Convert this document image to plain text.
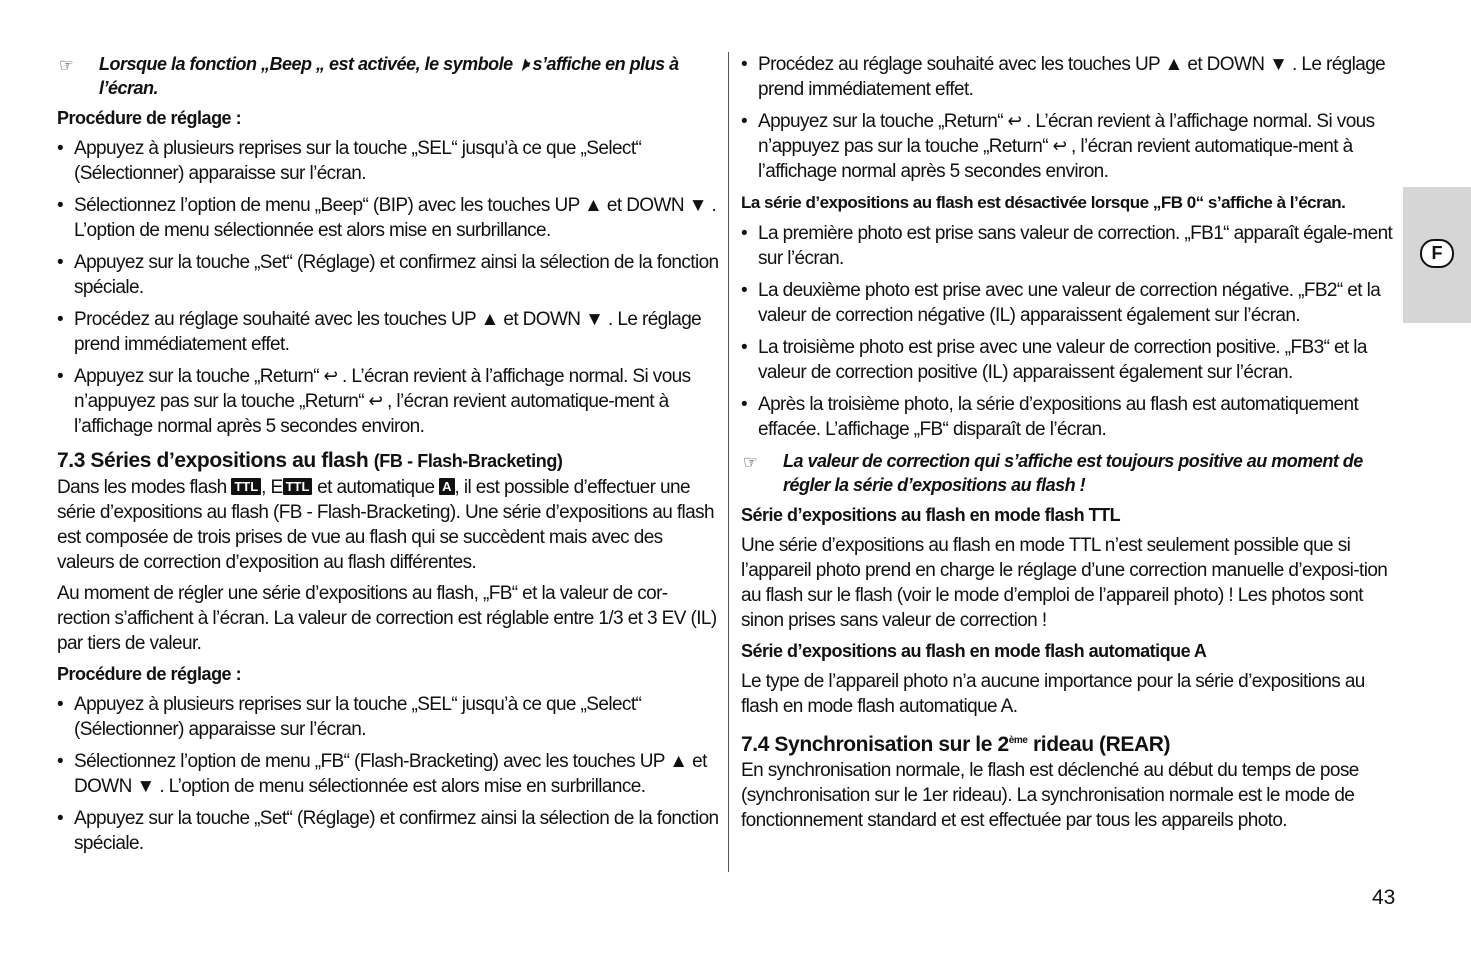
☞ Lorsque la fonction „Beep „ est activée, le symbole 🕨 s’affiche en plus à l’écran.
Procédure de réglage :
• Appuyez à plusieurs reprises sur la touche „SEL“ jusqu’à ce que „Select“ (Sélectionner) apparaisse sur l’écran.
• Sélectionnez l’option de menu „Beep“ (BIP) avec les touches UP ▲ et DOWN ▼ . L’option de menu sélectionnée est alors mise en surbrillance.
• Appuyez sur la touche „Set“ (Réglage) et confirmez ainsi la sélection de la fonction spéciale.
• Procédez au réglage souhaité avec les touches UP ▲ et DOWN ▼ . Le réglage prend immédiatement effet.
• Appuyez sur la touche „Return“ ↩ . L’écran revient à l’affichage normal. Si vous n’appuyez pas sur la touche „Return“ ↩ , l’écran revient automatique-ment à l’affichage normal après 5 secondes environ.
7.3 Séries d’expositions au flash (FB - Flash-Bracketing)

Dans les modes flash TTL , E TTL et automatique A , il est possible d’effectuer une série d’expositions au flash (FB - Flash-Bracketing). Une série d’expositions au flash est composée de trois prises de vue au flash qui se succèdent mais avec des valeurs de correction d’exposition au flash différentes.

Au moment de régler une série d’expositions au flash, „FB“ et la valeur de cor-rection s’affichent à l’écran. La valeur de correction est réglable entre 1/3 et 3 EV (IL) par tiers de valeur.

Procédure de réglage :
• Appuyez à plusieurs reprises sur la touche „SEL“ jusqu’à ce que „Select“ (Sélectionner) apparaisse sur l’écran.
• Sélectionnez l’option de menu „FB“ (Flash-Bracketing) avec les touches UP ▲ et DOWN ▼ . L’option de menu sélectionnée est alors mise en surbrillance.
• Appuyez sur la touche „Set“ (Réglage) et confirmez ainsi la sélection de la fonction spéciale.
• Procédez au réglage souhaité avec les touches UP ▲ et DOWN ▼ . Le réglage prend immédiatement effet.
• Appuyez sur la touche „Return“ ↩ . L’écran revient à l’affichage normal. Si vous n’appuyez pas sur la touche „Return“ ↩ , l’écran revient automatique-ment à l’affichage normal après 5 secondes environ.
La série d’expositions au flash est désactivée lorsque „FB 0“ s’affiche à l’écran.
• La première photo est prise sans valeur de correction. „FB1“ apparaît égale-ment sur l’écran.
• La deuxième photo est prise avec une valeur de correction négative. „FB2“ et la valeur de correction négative (IL) apparaissent également sur l’écran.
• La troisième photo est prise avec une valeur de correction positive. „FB3“ et la valeur de correction positive (IL) apparaissent également sur l’écran.
• Après la troisième photo, la série d’expositions au flash est automatiquement effacée. L’affichage „FB“ disparaît de l’écran.
☞ La valeur de correction qui s’affiche est toujours positive au moment de régler la série d’expositions au flash !
Série d’expositions au flash en mode flash TTL

Une série d’expositions au flash en mode TTL n’est seulement possible que si l’appareil photo prend en charge le réglage d’une correction manuelle d’exposi-tion au flash sur le flash (voir le mode d’emploi de l’appareil photo) ! Les photos sont sinon prises sans valeur de correction !

Série d’expositions au flash en mode flash automatique A

Le type de l’appareil photo n’a aucune importance pour la série d’expositions au flash en mode flash automatique A.

7.4 Synchronisation sur le 2ème rideau (REAR)

En synchronisation normale, le flash est déclenché au début du temps de pose (synchronisation sur le 1er rideau). La synchronisation normale est le mode de fonctionnement standard et est effectuée par tous les appareils photo.

F
43
